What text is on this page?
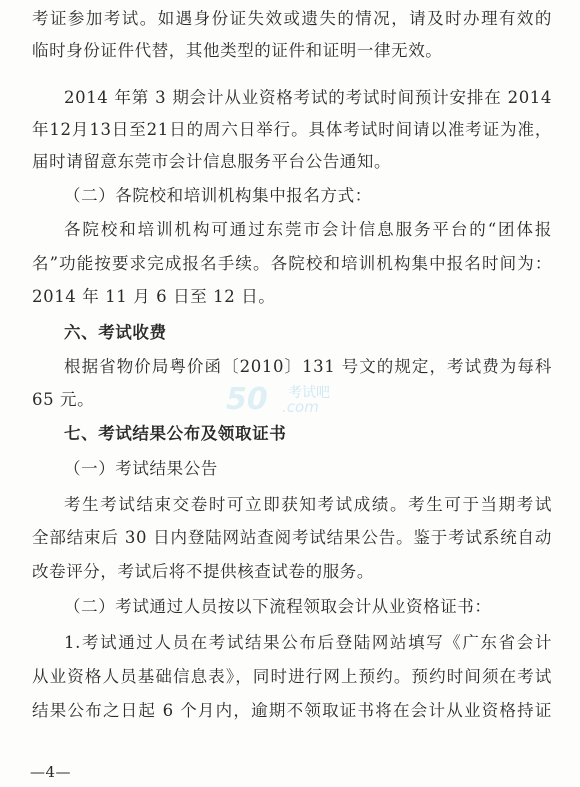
考证参加考试。如遇身份证失效或遗失的情况，请及时办理有效的
临时身份证件代替，其他类型的证件和证明一律无效。
2014 年第 3 期会计从业资格考试的考试时间预计安排在 2014
年12月13日至21日的周六日举行。具体考试时间请以准考证为准，
届时请留意东莞市会计信息服务平台公告通知。
（二）各院校和培训机构集中报名方式：
各院校和培训机构可通过东莞市会计信息服务平台的“团体报
名”功能按要求完成报名手续。各院校和培训机构集中报名时间为：
2014 年 11 月 6 日至 12 日。
六、考试收费
根据省物价局粤价函〔2010〕131 号文的规定，考试费为每科
65 元。
七、考试结果公布及领取证书
（一）考试结果公告
考生考试结束交卷时可立即获知考试成绩。考生可于当期考试
全部结束后 30 日内登陆网站查阅考试结果公告。鉴于考试系统自动
改卷评分，考试后将不提供核查试卷的服务。
（二）考试通过人员按以下流程领取会计从业资格证书：
1.考试通过人员在考试结果公布后登陆网站填写《广东省会计
从业资格人员基础信息表》，同时进行网上预约。预约时间须在考试
结果公布之日起 6 个月内，逾期不领取证书将在会计从业资格持证
—4—
50 考试吧
.com
